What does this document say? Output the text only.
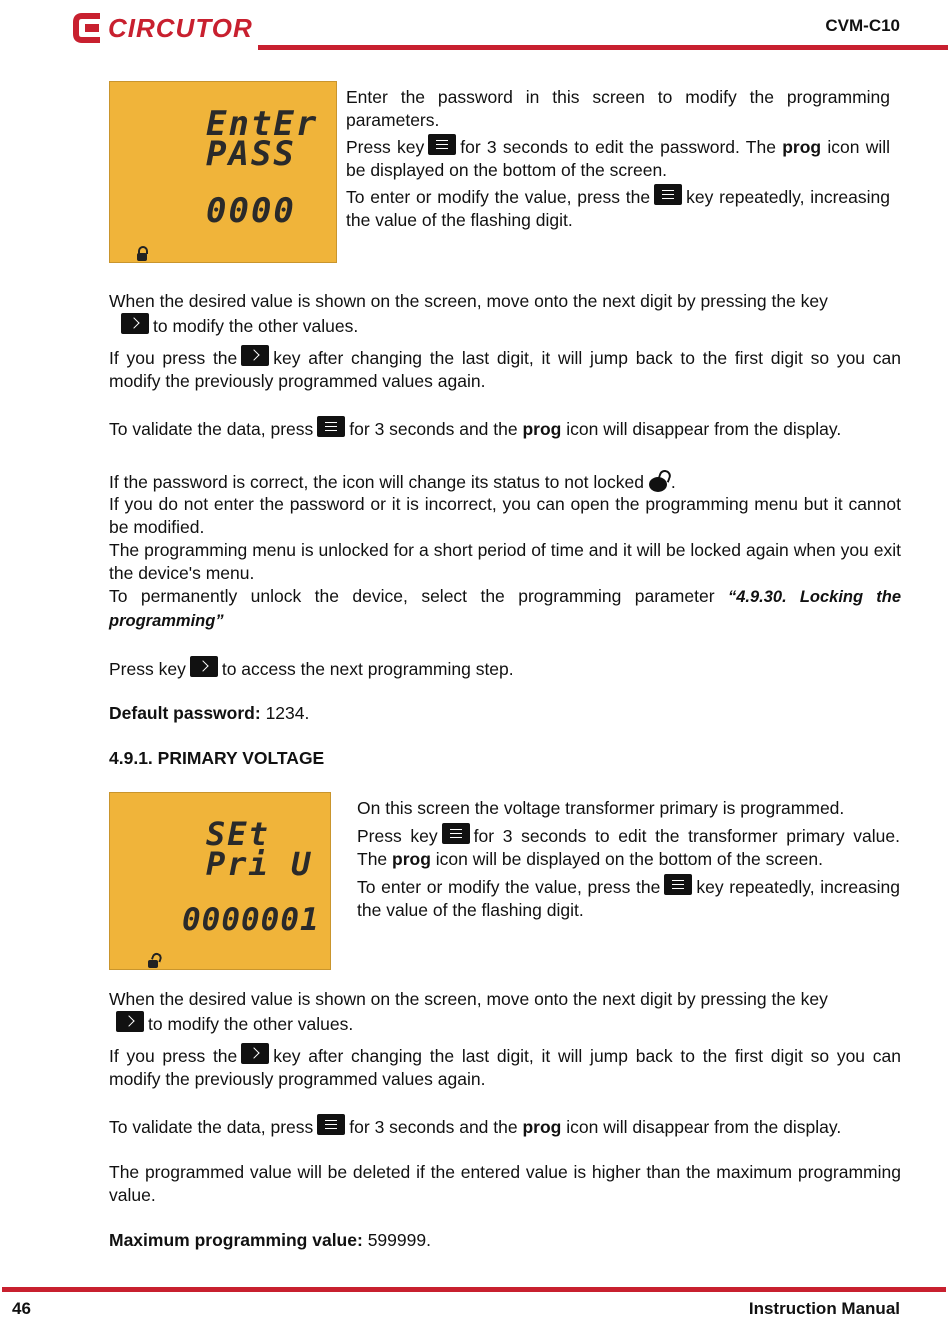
CIRCUTOR	CVM-C10
EntEr
PASS
0000
Enter the password in this screen to modify the programming parameters.
Press key for 3 seconds to edit the password. The prog icon will be displayed on the bottom of the screen.
To enter or modify the value, press the key repeatedly, increasing the value of the flashing digit.
When the desired value is shown on the screen, move onto the next digit by pressing the key
to modify the other values.
If you press the key after changing the last digit, it will jump back to the first digit so you can modify the previously programmed values again.
To validate the data, press for 3 seconds and the prog icon will disappear from the display.
If the password is correct, the icon will change its status to not locked .
If you do not enter the password or it is incorrect, you can open the programming menu but it cannot be modified.
The programming menu is unlocked for a short period of time and it will be locked again when you exit the device's menu.
To permanently unlock the device, select the programming parameter “4.9.30. Locking the programming”
Press key to access the next programming step.
Default password: 1234.
4.9.1. PRIMARY VOLTAGE
SEt
Pri U
0000001
On this screen the voltage transformer primary is programmed.
Press key for 3 seconds to edit the transformer primary value. The prog icon will be displayed on the bottom of the screen.
To enter or modify the value, press the key repeatedly, increasing the value of the flashing digit.
When the desired value is shown on the screen, move onto the next digit by pressing the key
to modify the other values.
If you press the key after changing the last digit, it will jump back to the first digit so you can modify the previously programmed values again.
To validate the data, press for 3 seconds and the prog icon will disappear from the display.
The programmed value will be deleted if the entered value is higher than the maximum programming value.
Maximum programming value: 599999.
46	Instruction Manual
